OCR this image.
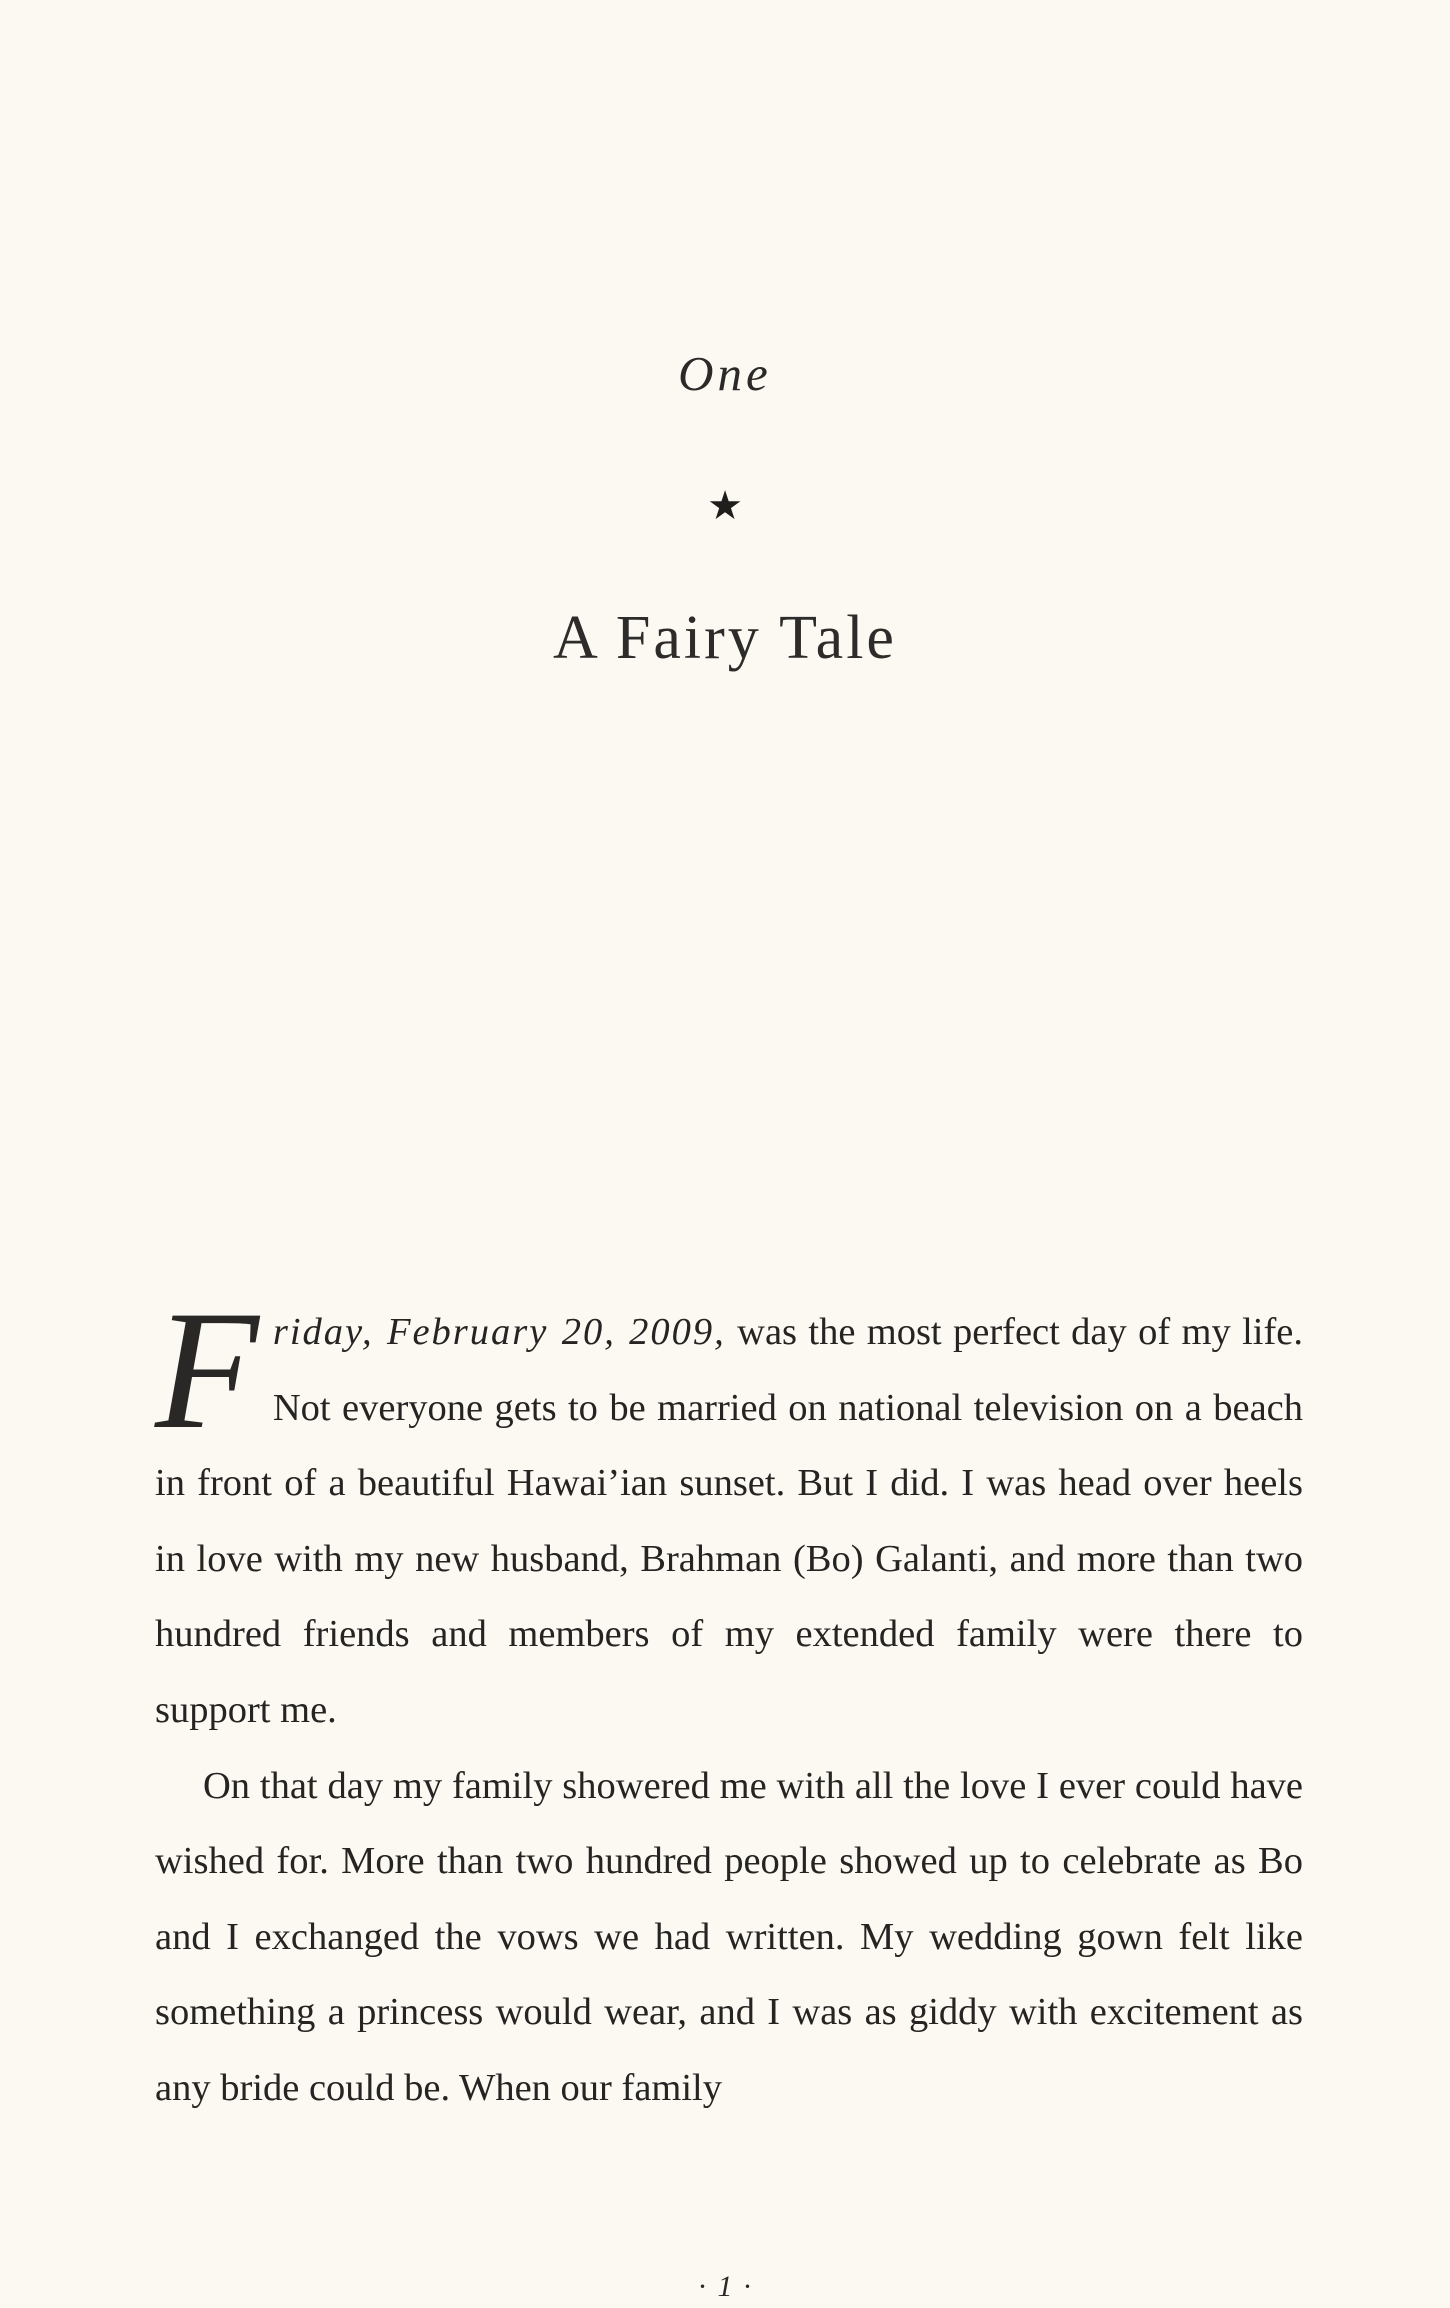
One
★
A Fairy Tale

Friday, February 20, 2009, was the most perfect day of my life. Not everyone gets to be married on national television on a beach in front of a beautiful Hawai’ian sunset. But I did. I was head over heels in love with my new husband, Brahman (Bo) Galanti, and more than two hundred friends and members of my extended family were there to support me.

On that day my family showered me with all the love I ever could have wished for. More than two hundred people showed up to celebrate as Bo and I exchanged the vows we had written. My wedding gown felt like something a princess would wear, and I was as giddy with excitement as any bride could be. When our family

· 1 ·
